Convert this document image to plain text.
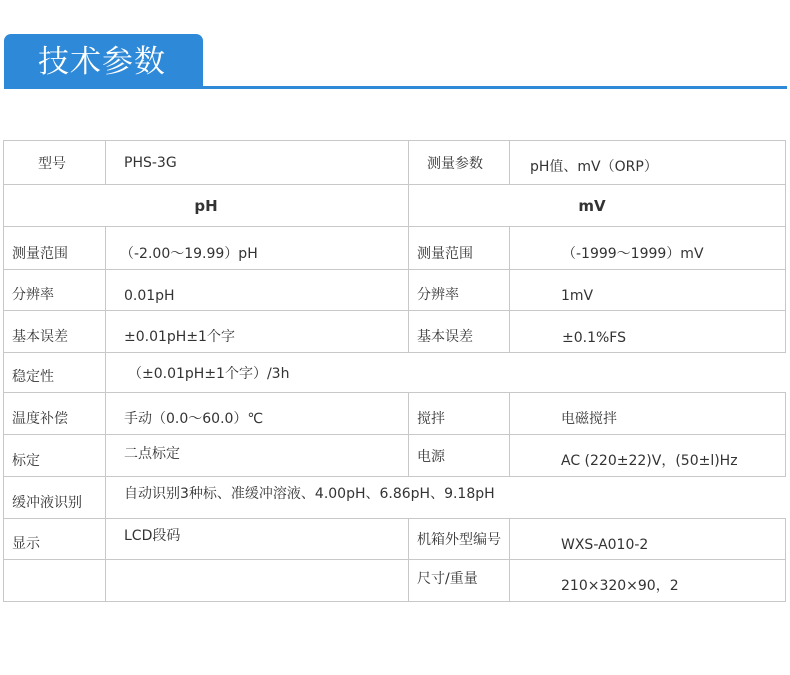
技术参数
型号	PHS-3G	测量参数	pH值、mV（ORP）

pH		mV	

测量范围	（-2.00～19.99）pH	测量范围	（-1999～1999）mV

分辨率	0.01pH	分辨率	1mV

基本误差	±0.01pH±1个字	基本误差	±0.1%FS

稳定性	（±0.01pH±1个字）/3h		

温度补偿	手动（0.0～60.0）℃	搅拌	电磁搅拌

标定	二点标定	电源	AC (220±22)V，(50±l)Hz

缓冲液识别	自动识别3种标、准缓冲溶液、4.00pH、6.86pH、9.18pH		

显示	LCD段码	机箱外型编号	WXS-A010-2

		尺寸/重量	210×320×90，2
